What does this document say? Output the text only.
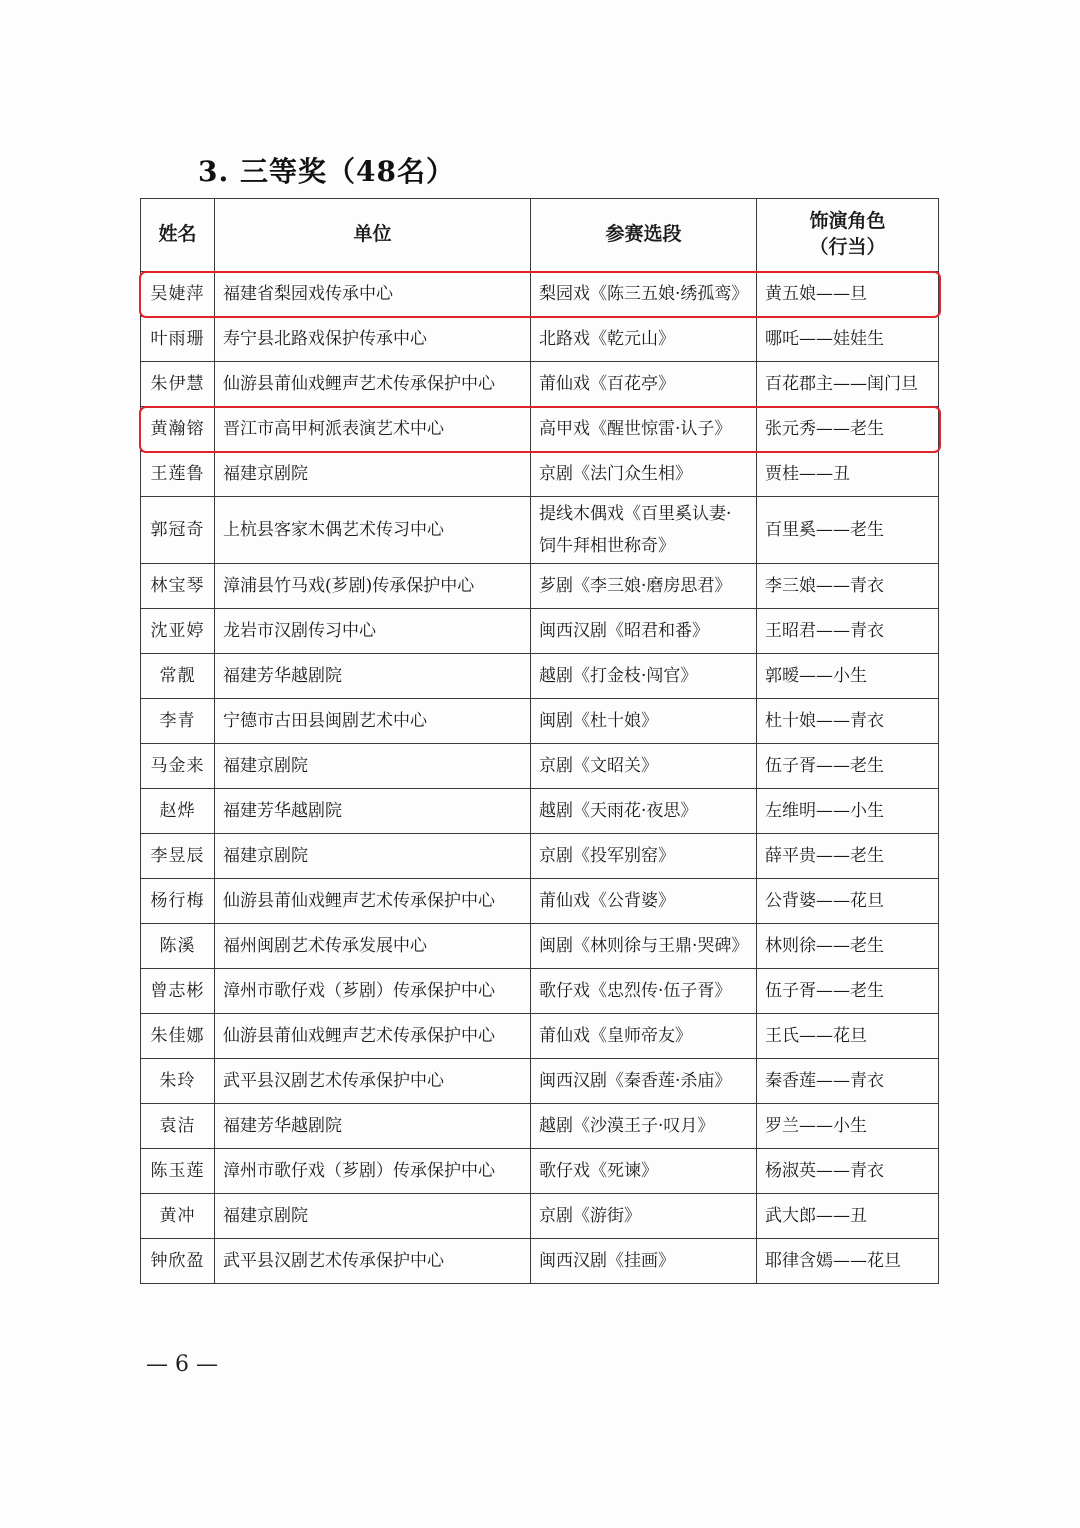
3. 三等奖（48名）
姓名	单位	参赛选段	饰演角色
（行当）

吴婕萍	福建省梨园戏传承中心	梨园戏《陈三五娘·绣孤鸾》	黄五娘——旦
叶雨珊	寿宁县北路戏保护传承中心	北路戏《乾元山》	哪吒——娃娃生
朱伊慧	仙游县莆仙戏鲤声艺术传承保护中心	莆仙戏《百花亭》	百花郡主——闺门旦
黄瀚镕	晋江市高甲柯派表演艺术中心	高甲戏《醒世惊雷·认子》	张元秀——老生
王莲鲁	福建京剧院	京剧《法门众生相》	贾桂——丑
郭冠奇	上杭县客家木偶艺术传习中心	提线木偶戏《百里奚认妻·饲牛拜相世称奇》	百里奚——老生
林宝琴	漳浦县竹马戏(芗剧)传承保护中心	芗剧《李三娘·磨房思君》	李三娘——青衣
沈亚婷	龙岩市汉剧传习中心	闽西汉剧《昭君和番》	王昭君——青衣
常靓	福建芳华越剧院	越剧《打金枝·闯官》	郭暧——小生
李青	宁德市古田县闽剧艺术中心	闽剧《杜十娘》	杜十娘——青衣
马金来	福建京剧院	京剧《文昭关》	伍子胥——老生
赵烨	福建芳华越剧院	越剧《天雨花·夜思》	左维明——小生
李昱辰	福建京剧院	京剧《投军别窑》	薛平贵——老生
杨行梅	仙游县莆仙戏鲤声艺术传承保护中心	莆仙戏《公背婆》	公背婆——花旦
陈溪	福州闽剧艺术传承发展中心	闽剧《林则徐与王鼎·哭碑》	林则徐——老生
曾志彬	漳州市歌仔戏（芗剧）传承保护中心	歌仔戏《忠烈传·伍子胥》	伍子胥——老生
朱佳娜	仙游县莆仙戏鲤声艺术传承保护中心	莆仙戏《皇师帝友》	王氏——花旦
朱玲	武平县汉剧艺术传承保护中心	闽西汉剧《秦香莲·杀庙》	秦香莲——青衣
袁洁	福建芳华越剧院	越剧《沙漠王子·叹月》	罗兰——小生
陈玉莲	漳州市歌仔戏（芗剧）传承保护中心	歌仔戏《死谏》	杨淑英——青衣
黄冲	福建京剧院	京剧《游街》	武大郎——丑
钟欣盈	武平县汉剧艺术传承保护中心	闽西汉剧《挂画》	耶律含嫣——花旦
— 6 —
